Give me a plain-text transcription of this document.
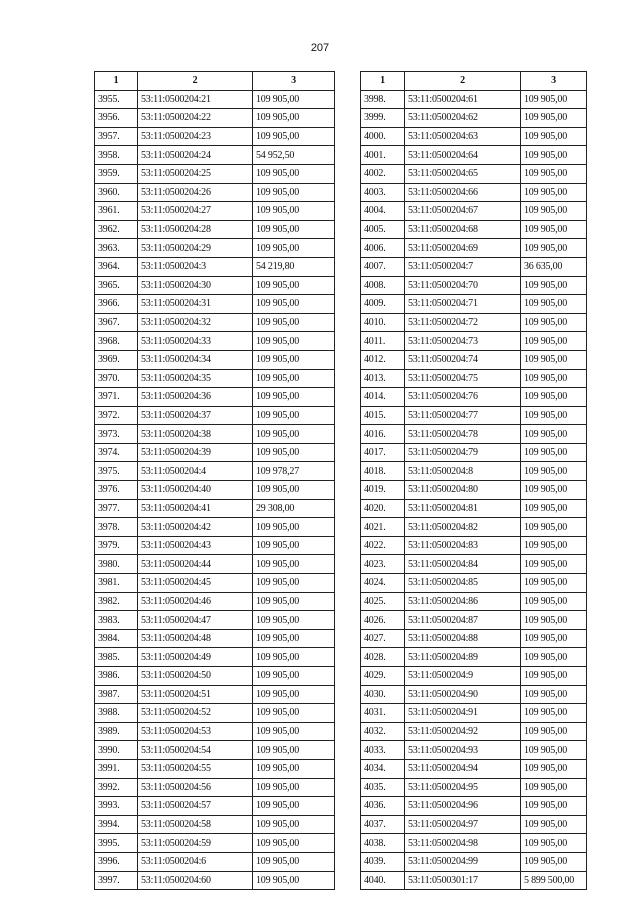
207
1	2	3
3955.	53:11:0500204:21	109 905,00
3956.	53:11:0500204:22	109 905,00
3957.	53:11:0500204:23	109 905,00
3958.	53:11:0500204:24	54 952,50
3959.	53:11:0500204:25	109 905,00
3960.	53:11:0500204:26	109 905,00
3961.	53:11:0500204:27	109 905,00
3962.	53:11:0500204:28	109 905,00
3963.	53:11:0500204:29	109 905,00
3964.	53:11:0500204:3	54 219,80
3965.	53:11:0500204:30	109 905,00
3966.	53:11:0500204:31	109 905,00
3967.	53:11:0500204:32	109 905,00
3968.	53:11:0500204:33	109 905,00
3969.	53:11:0500204:34	109 905,00
3970.	53:11:0500204:35	109 905,00
3971.	53:11:0500204:36	109 905,00
3972.	53:11:0500204:37	109 905,00
3973.	53:11:0500204:38	109 905,00
3974.	53:11:0500204:39	109 905,00
3975.	53:11:0500204:4	109 978,27
3976.	53:11:0500204:40	109 905,00
3977.	53:11:0500204:41	29 308,00
3978.	53:11:0500204:42	109 905,00
3979.	53:11:0500204:43	109 905,00
3980.	53:11:0500204:44	109 905,00
3981.	53:11:0500204:45	109 905,00
3982.	53:11:0500204:46	109 905,00
3983.	53:11:0500204:47	109 905,00
3984.	53:11:0500204:48	109 905,00
3985.	53:11:0500204:49	109 905,00
3986.	53:11:0500204:50	109 905,00
3987.	53:11:0500204:51	109 905,00
3988.	53:11:0500204:52	109 905,00
3989.	53:11:0500204:53	109 905,00
3990.	53:11:0500204:54	109 905,00
3991.	53:11:0500204:55	109 905,00
3992.	53:11:0500204:56	109 905,00
3993.	53:11:0500204:57	109 905,00
3994.	53:11:0500204:58	109 905,00
3995.	53:11:0500204:59	109 905,00
3996.	53:11:0500204:6	109 905,00
3997.	53:11:0500204:60	109 905,00
1	2	3
3998.	53:11:0500204:61	109 905,00
3999.	53:11:0500204:62	109 905,00
4000.	53:11:0500204:63	109 905,00
4001.	53:11:0500204:64	109 905,00
4002.	53:11:0500204:65	109 905,00
4003.	53:11:0500204:66	109 905,00
4004.	53:11:0500204:67	109 905,00
4005.	53:11:0500204:68	109 905,00
4006.	53:11:0500204:69	109 905,00
4007.	53:11:0500204:7	36 635,00
4008.	53:11:0500204:70	109 905,00
4009.	53:11:0500204:71	109 905,00
4010.	53:11:0500204:72	109 905,00
4011.	53:11:0500204:73	109 905,00
4012.	53:11:0500204:74	109 905,00
4013.	53:11:0500204:75	109 905,00
4014.	53:11:0500204:76	109 905,00
4015.	53:11:0500204:77	109 905,00
4016.	53:11:0500204:78	109 905,00
4017.	53:11:0500204:79	109 905,00
4018.	53:11:0500204:8	109 905,00
4019.	53:11:0500204:80	109 905,00
4020.	53:11:0500204:81	109 905,00
4021.	53:11:0500204:82	109 905,00
4022.	53:11:0500204:83	109 905,00
4023.	53:11:0500204:84	109 905,00
4024.	53:11:0500204:85	109 905,00
4025.	53:11:0500204:86	109 905,00
4026.	53:11:0500204:87	109 905,00
4027.	53:11:0500204:88	109 905,00
4028.	53:11:0500204:89	109 905,00
4029.	53:11:0500204:9	109 905,00
4030.	53:11:0500204:90	109 905,00
4031.	53:11:0500204:91	109 905,00
4032.	53:11:0500204:92	109 905,00
4033.	53:11:0500204:93	109 905,00
4034.	53:11:0500204:94	109 905,00
4035.	53:11:0500204:95	109 905,00
4036.	53:11:0500204:96	109 905,00
4037.	53:11:0500204:97	109 905,00
4038.	53:11:0500204:98	109 905,00
4039.	53:11:0500204:99	109 905,00
4040.	53:11:0500301:17	5 899 500,00
